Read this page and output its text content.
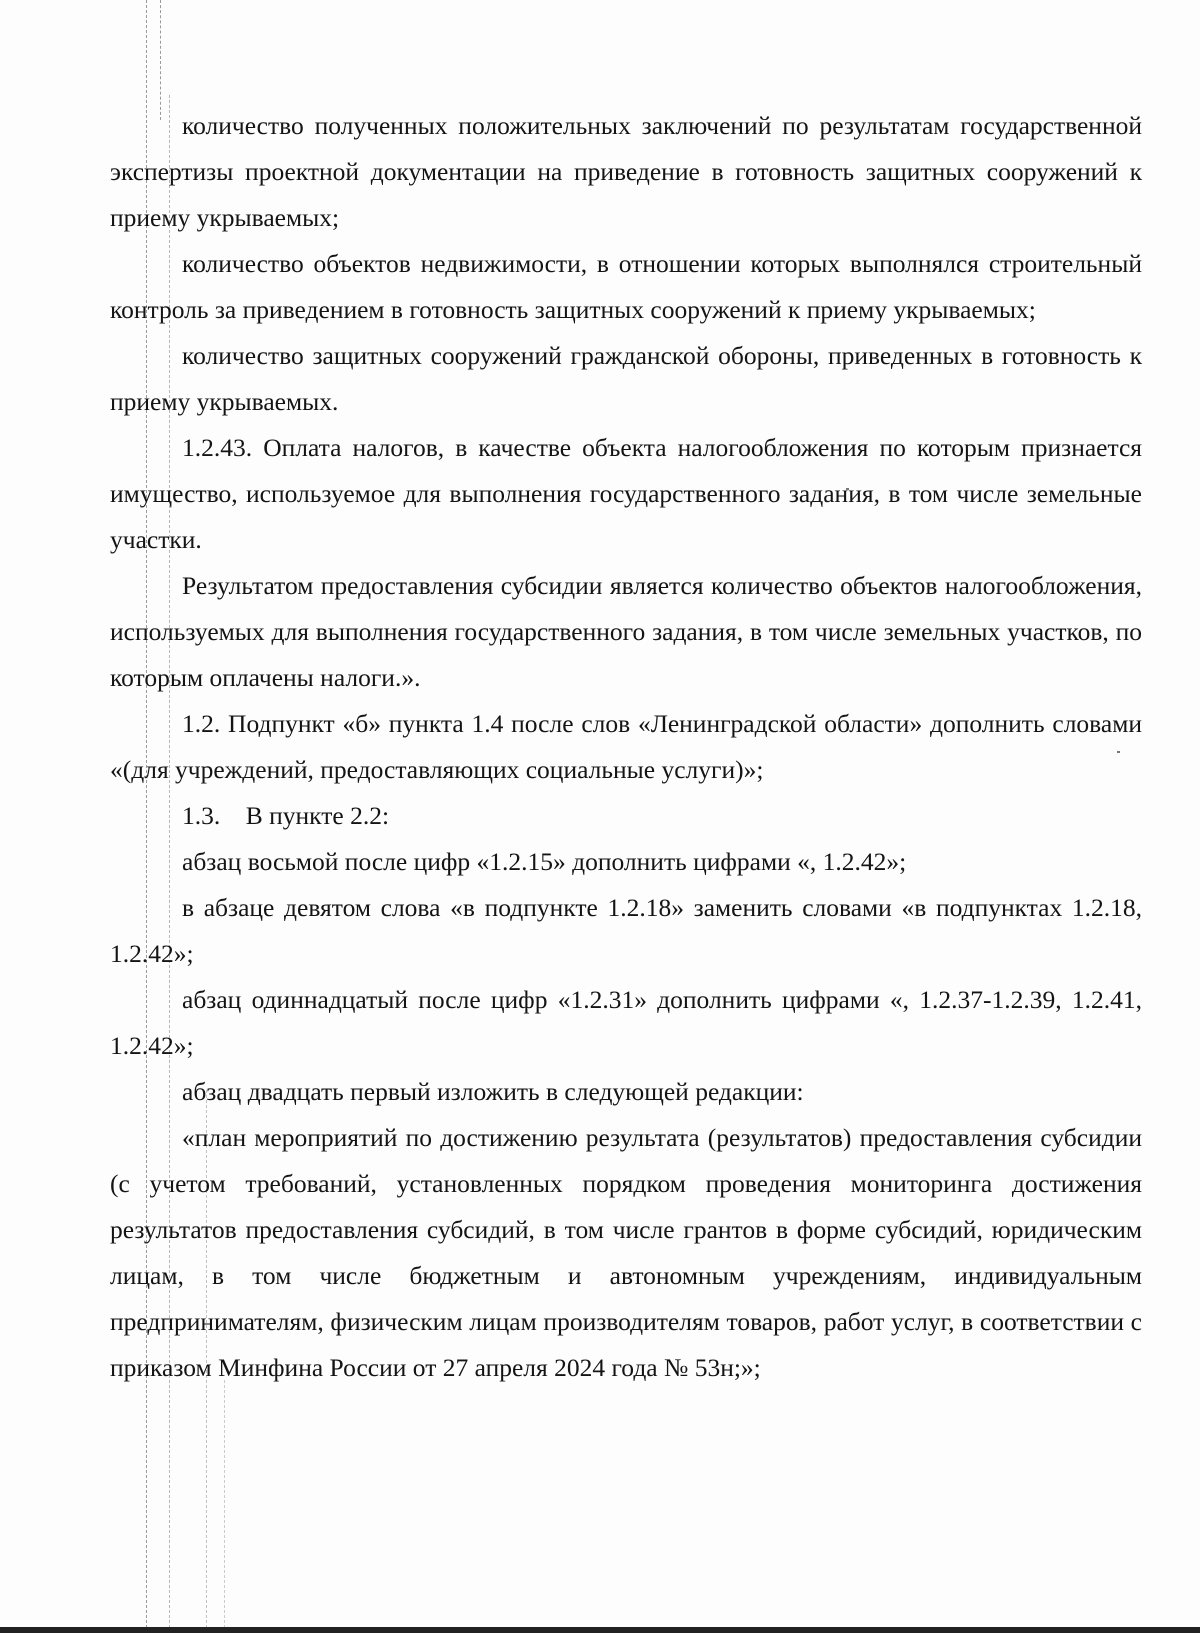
количество полученных положительных заключений по результатам государственной экспертизы проектной документации на приведение в готовность защитных сооружений к приему укрываемых;

количество объектов недвижимости, в отношении которых выполнялся строительный контроль за приведением в готовность защитных сооружений к приему укрываемых;

количество защитных сооружений гражданской обороны, приведенных в готовность к приему укрываемых.

1.2.43. Оплата налогов, в качестве объекта налогообложения по которым признается имущество, используемое для выполнения государственного задания, в том числе земельные участки.

Результатом предоставления субсидии является количество объектов налогообложения, используемых для выполнения государственного задания, в том числе земельных участков, по которым оплачены налоги.».

1.2. Подпункт «б» пункта 1.4 после слов «Ленинградской области» дополнить словами «(для учреждений, предоставляющих социальные услуги)»;

1.3.    В пункте 2.2:

абзац восьмой после цифр «1.2.15» дополнить цифрами «, 1.2.42»;

в абзаце девятом слова «в подпункте 1.2.18» заменить словами «в подпунктах 1.2.18, 1.2.42»;

абзац одиннадцатый после цифр «1.2.31» дополнить цифрами «, 1.2.37-1.2.39, 1.2.41, 1.2.42»;

абзац двадцать первый изложить в следующей редакции:

«план мероприятий по достижению результата (результатов) предоставления субсидии (с учетом требований, установленных порядком проведения мониторинга достижения результатов предоставления субсидий, в том числе грантов в форме субсидий, юридическим лицам, в том числе бюджетным и автономным учреждениям, индивидуальным предпринимателям, физическим лицам производителям товаров, работ услуг, в соответствии с приказом Минфина России от 27 апреля 2024 года № 53н;»;
